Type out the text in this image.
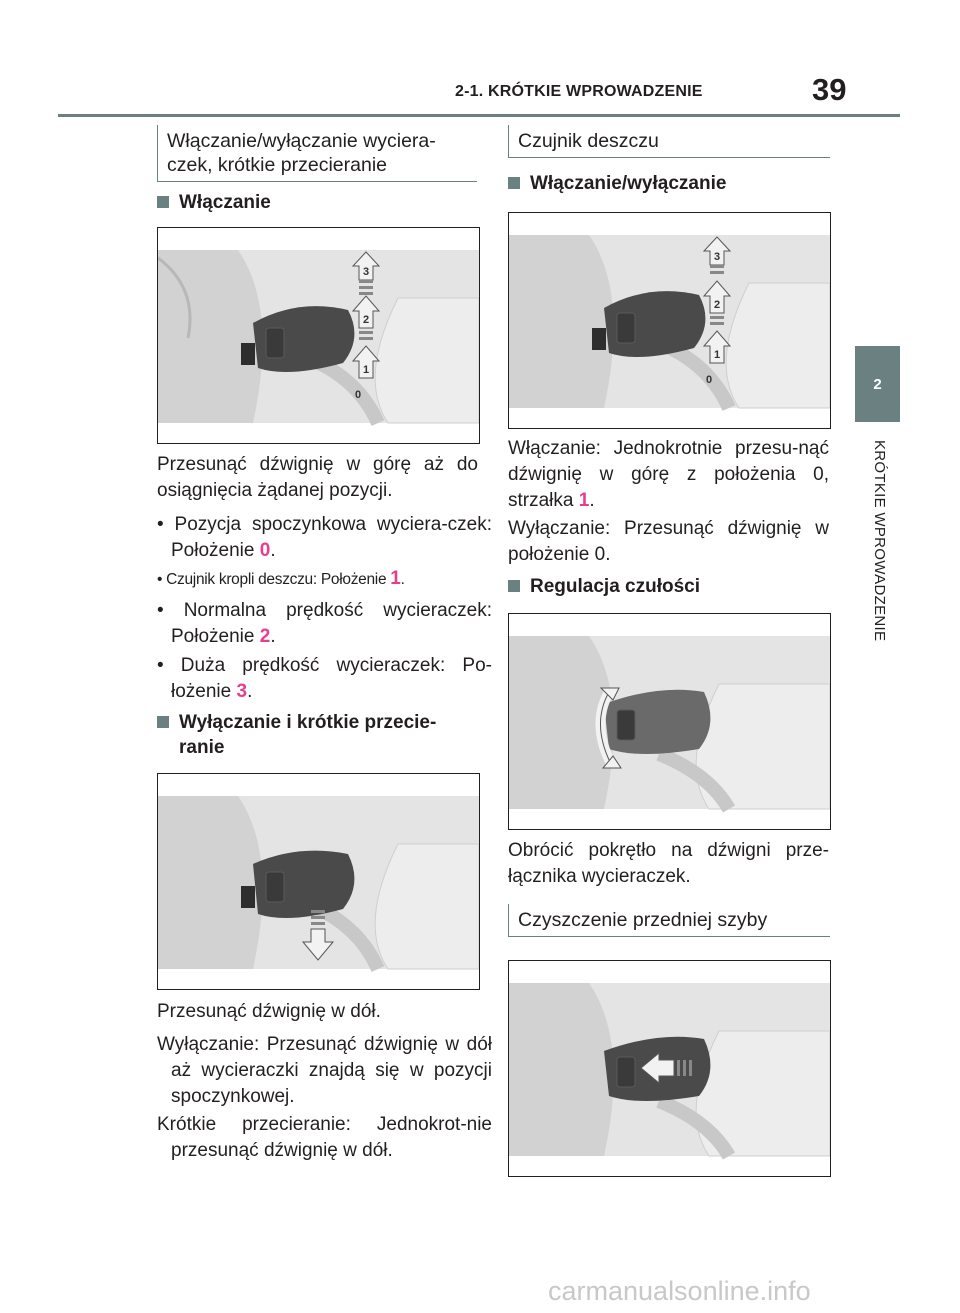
2-1. KRÓTKIE WPROWADZENIE	39
2
KRÓTKIE WPROWADZENIE
Włączanie/wyłączanie wyciera-
czek, krótkie przecieranie
Włączanie
1
2
3
0
Przesunąć dźwignię w górę aż do osiągnięcia żądanej pozycji.
• Pozycja spoczynkowa wyciera-czek: Położenie 0.
• Czujnik kropli deszczu: Położenie 1.
• Normalna prędkość wycieraczek: Położenie 2.
• Duża prędkość wycieraczek: Po-łożenie 3.
Wyłączanie i krótkie przecie-ranie
Przesunąć dźwignię w dół.
Wyłączanie: Przesunąć dźwignię w dół aż wycieraczki znajdą się w pozycji spoczynkowej.
Krótkie przecieranie: Jednokrot-nie przesunąć dźwignię w dół.
Czujnik deszczu
Włączanie/wyłączanie
1
2
3
0
Włączanie: Jednokrotnie przesu-nąć dźwignię w górę z położenia 0, strzałka 1.
Wyłączanie: Przesunąć dźwignię w położenie 0.
Regulacja czułości
Obrócić pokrętło na dźwigni prze-łącznika wycieraczek.
Czyszczenie przedniej szyby
carmanualsonline.info
